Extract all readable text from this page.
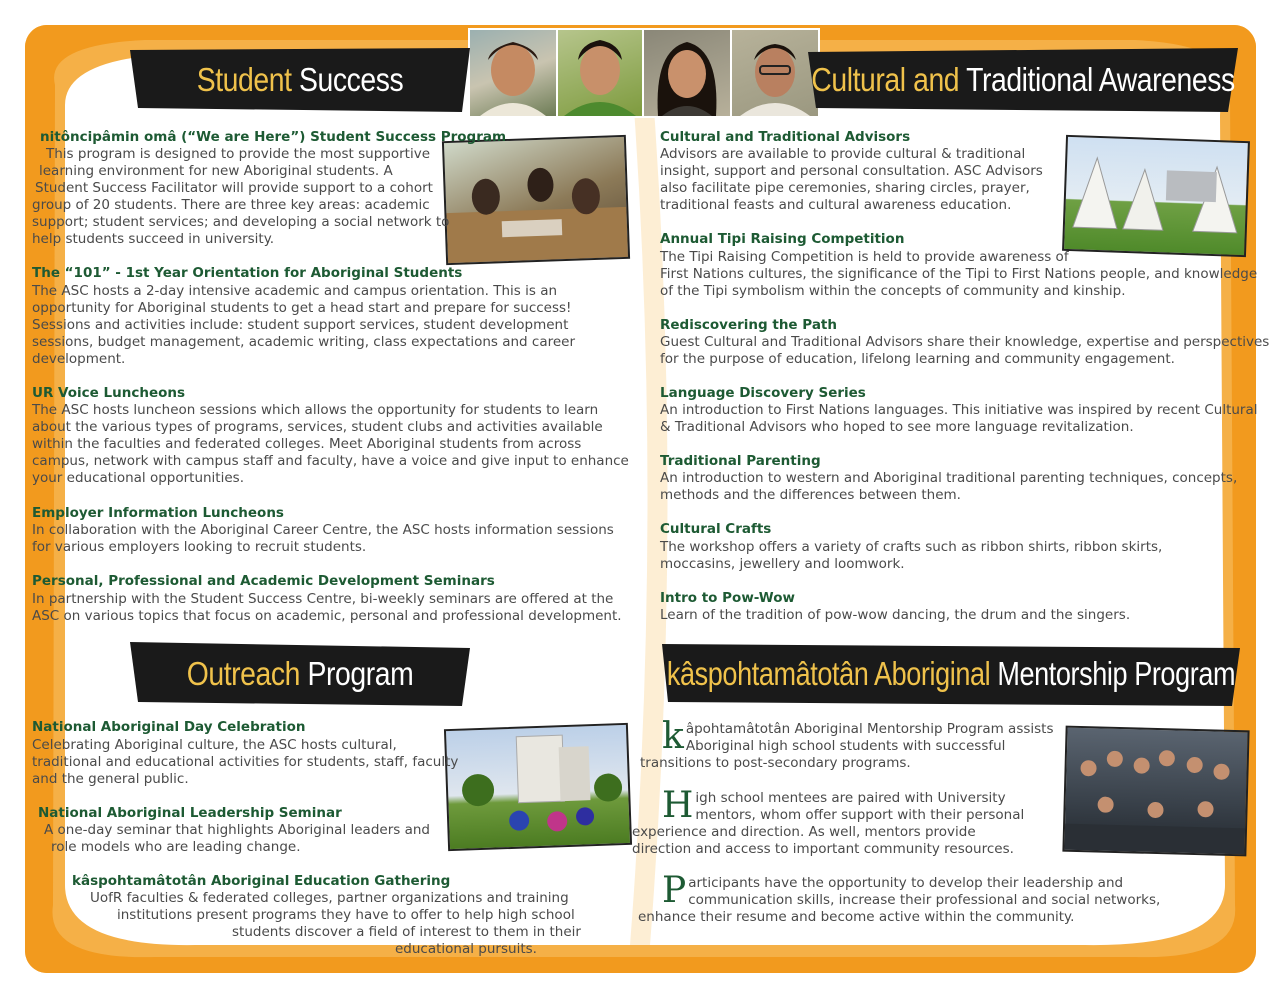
Student Success	Cultural and Traditional Awareness
Outreach Program	kâspohtamâtotân Aboriginal Mentorship Program
nitôncipâmin omâ (“We are Here”) Student Success Program
This program is designed to provide the most supportive
learning environment for new Aboriginal students. A
Student Success Facilitator will provide support to a cohort
group of 20 students. There are three key areas: academic
support; student services; and developing a social network to
help students succeed in university.
The “101” - 1st Year Orientation for Aboriginal Students
The ASC hosts a 2-day intensive academic and campus orientation. This is an
opportunity for Aboriginal students to get a head start and prepare for success!
Sessions and activities include: student support services, student development
sessions, budget management, academic writing, class expectations and career
development.
UR Voice Luncheons
The ASC hosts luncheon sessions which allows the opportunity for students to learn
about the various types of programs, services, student clubs and activities available
within the faculties and federated colleges. Meet Aboriginal students from across
campus, network with campus staff and faculty, have a voice and give input to enhance
your educational opportunities.
Employer Information Luncheons
In collaboration with the Aboriginal Career Centre, the ASC hosts information sessions
for various employers looking to recruit students.
Personal, Professional and Academic Development Seminars
In partnership with the Student Success Centre, bi-weekly seminars are offered at the
ASC on various topics that focus on academic, personal and professional development.
Cultural and Traditional Advisors
Advisors are available to provide cultural & traditional
insight, support and personal consultation. ASC Advisors
also facilitate pipe ceremonies, sharing circles, prayer,
traditional feasts and cultural awareness education.
Annual Tipi Raising Competition
The Tipi Raising Competition is held to provide awareness of
First Nations cultures, the significance of the Tipi to First Nations people, and knowledge
of the Tipi symbolism within the concepts of community and kinship.
Rediscovering the Path
Guest Cultural and Traditional Advisors share their knowledge, expertise and perspectives
for the purpose of education, lifelong learning and community engagement.
Language Discovery Series
An introduction to First Nations languages. This initiative was inspired by recent Cultural
& Traditional Advisors who hoped to see more language revitalization.
Traditional Parenting
An introduction to western and Aboriginal traditional parenting techniques, concepts,
methods and the differences between them.
Cultural Crafts
The workshop offers a variety of crafts such as ribbon shirts, ribbon skirts,
moccasins, jewellery and loomwork.
Intro to Pow-Wow
Learn of the tradition of pow-wow dancing, the drum and the singers.
National Aboriginal Day Celebration
Celebrating Aboriginal culture, the ASC hosts cultural,
traditional and educational activities for students, staff, faculty
and the general public.
National Aboriginal Leadership Seminar
A one-day seminar that highlights Aboriginal leaders and
role models who are leading change.
kâspohtamâtotân Aboriginal Education Gathering
UofR faculties & federated colleges, partner organizations and training
institutions present programs they have to offer to help high school
students discover a field of interest to them in their
educational pursuits.
k âpohtamâtotân Aboriginal Mentorship Program assists
Aboriginal high school students with successful
transitions to post-secondary programs.
H igh school mentees are paired with University
mentors, whom offer support with their personal
experience and direction. As well, mentors provide
direction and access to important community resources.
P articipants have the opportunity to develop their leadership and
communication skills, increase their professional and social networks,
enhance their resume and become active within the community.
